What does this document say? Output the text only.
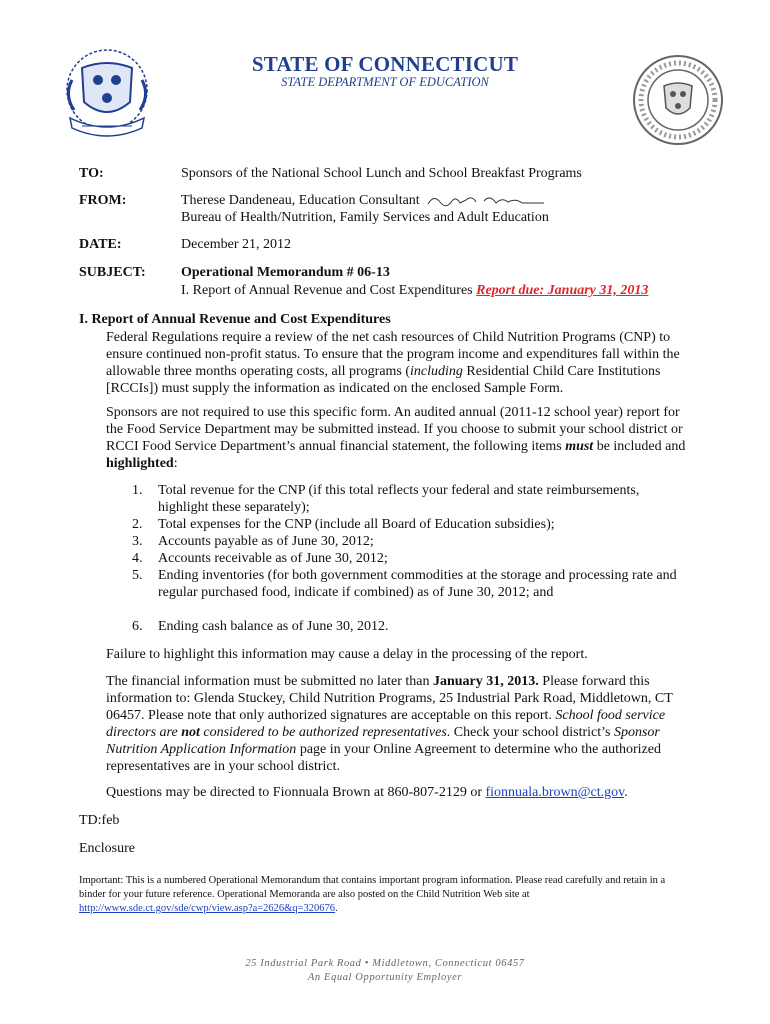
STATE OF CONNECTICUT
STATE DEPARTMENT OF EDUCATION
TO:	Sponsors of the National School Lunch and School Breakfast Programs
FROM:	Therese Dandeneau, Education Consultant
Bureau of Health/Nutrition, Family Services and Adult Education
DATE:	December 21, 2012
SUBJECT:	Operational Memorandum # 06-13
I. Report of Annual Revenue and Cost Expenditures Report due: January 31, 2013
I. Report of Annual Revenue and Cost Expenditures
Federal Regulations require a review of the net cash resources of Child Nutrition Programs (CNP) to ensure continued non-profit status. To ensure that the program income and expenditures fall within the allowable three months operating costs, all programs (including Residential Child Care Institutions [RCCIs]) must supply the information as indicated on the enclosed Sample Form.
Sponsors are not required to use this specific form. An audited annual (2011-12 school year) report for the Food Service Department may be submitted instead. If you choose to submit your school district or RCCI Food Service Department’s annual financial statement, the following items must be included and highlighted:
1. Total revenue for the CNP (if this total reflects your federal and state reimbursements, highlight these separately);
2. Total expenses for the CNP (include all Board of Education subsidies);
3. Accounts payable as of June 30, 2012;
4. Accounts receivable as of June 30, 2012;
5. Ending inventories (for both government commodities at the storage and processing rate and regular purchased food, indicate if combined) as of June 30, 2012; and
6. Ending cash balance as of June 30, 2012.
Failure to highlight this information may cause a delay in the processing of the report.
The financial information must be submitted no later than January 31, 2013. Please forward this information to: Glenda Stuckey, Child Nutrition Programs, 25 Industrial Park Road, Middletown, CT 06457. Please note that only authorized signatures are acceptable on this report. School food service directors are not considered to be authorized representatives. Check your school district’s Sponsor Nutrition Application Information page in your Online Agreement to determine who the authorized representatives are in your school district.
Questions may be directed to Fionnuala Brown at 860-807-2129 or fionnuala.brown@ct.gov.
TD:feb
Enclosure
Important: This is a numbered Operational Memorandum that contains important program information. Please read carefully and retain in a binder for your future reference. Operational Memoranda are also posted on the Child Nutrition Web site at http://www.sde.ct.gov/sde/cwp/view.asp?a=2626&q=320676.
25 Industrial Park Road • Middletown, Connecticut 06457
An Equal Opportunity Employer
